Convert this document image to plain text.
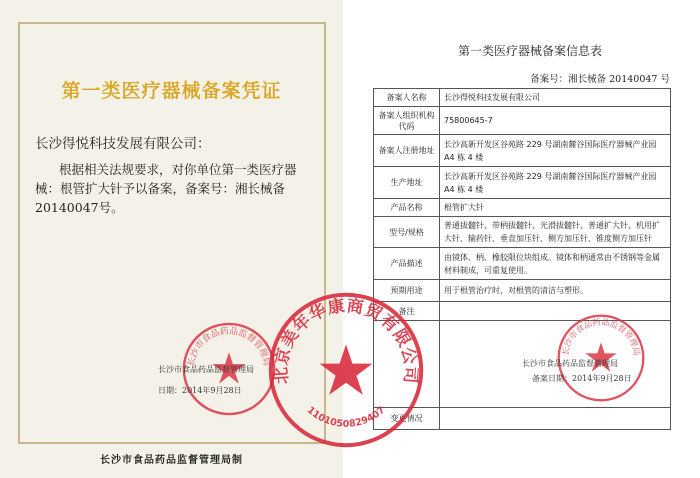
第一类医疗器械备案凭证
长沙得悦科技发展有限公司：
根据相关法规要求，对你单位第一类医疗器械：根管扩大针予以备案，备案号：湘长械备20140047号。
长沙市食品药品监督管理局
长沙市食品药品监督管理局
日期：2014年9月28日
长沙市食品药品监督管理局制
第一类医疗器械备案信息表
备案号：湘长械备 20140047 号
备案人名称	长沙得悦科技发展有限公司
备案人组织机构代码	75800645-7
备案人注册地址	长沙高新开发区谷苑路 229 号湖南麓谷国际医疗器械产业园 A4 栋 4 楼
生产地址	长沙高新开发区谷苑路 229 号湖南麓谷国际医疗器械产业园 A4 栋 4 楼
产品名称	根管扩大针
型号/规格	普通拔髓针、带柄拔髓针、光滑拔髓针、普通扩大针、机用扩大针、输药针、垂直加压针、侧方加压针、锥度侧方加压针
产品描述	由镜体、柄、橡胶限位块组成。镜体和柄通常由不锈钢等金属材料制成，可重复使用。
预期用途	用于根管治疗时，对根管的清洁与塑形。
备注	

变更情况	
长沙市食品药品监督管理局
长沙市食品药品监督管理局
备案日期：2014年9月28日
北京美年华康商贸有限公司
1101050829407
